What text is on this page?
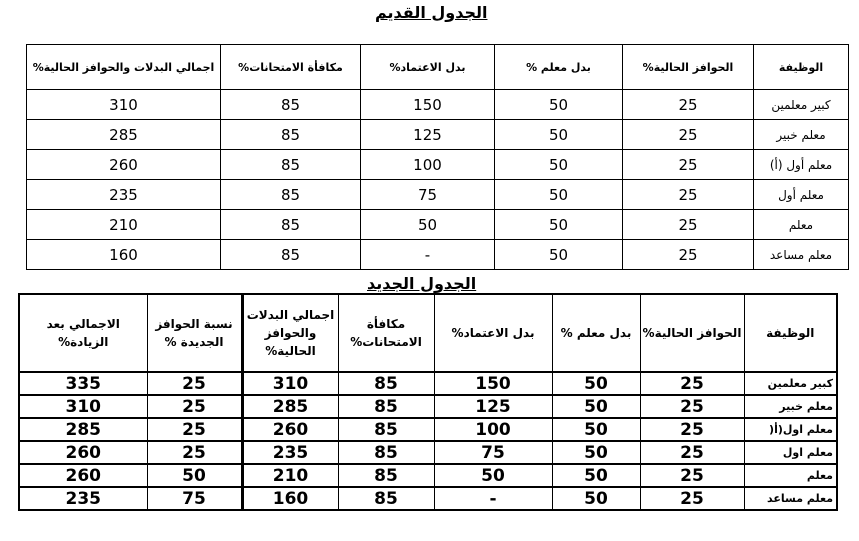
الجدول القديم
اجمالي البدلات والحوافز الحالية%	مكافأة الامتحانات%	بدل الاعتماد%	بدل معلم %	الحوافز الحالية%	الوظيفة
310	85	150	50	25	كبير معلمين
285	85	125	50	25	معلم خبير
260	85	100	50	25	معلم أول (أ)
235	85	75	50	25	معلم أول
210	85	50	50	25	معلم
160	85	-	50	25	معلم مساعد
الجدول الجديد
الاجمالي بعد الزيادة%	نسبة الحوافز الجديدة %	اجمالي البدلات والحوافز الحالية%	مكافأة الامتحانات%	بدل الاعتماد%	بدل معلم %	الحوافز الحالية%	الوظيفة
335	25	310	85	150	50	25	كبير معلمين
310	25	285	85	125	50	25	معلم خبير
285	25	260	85	100	50	25	معلم اول(أ(
260	25	235	85	75	50	25	معلم اول
260	50	210	85	50	50	25	معلم
235	75	160	85	-	50	25	معلم مساعد
